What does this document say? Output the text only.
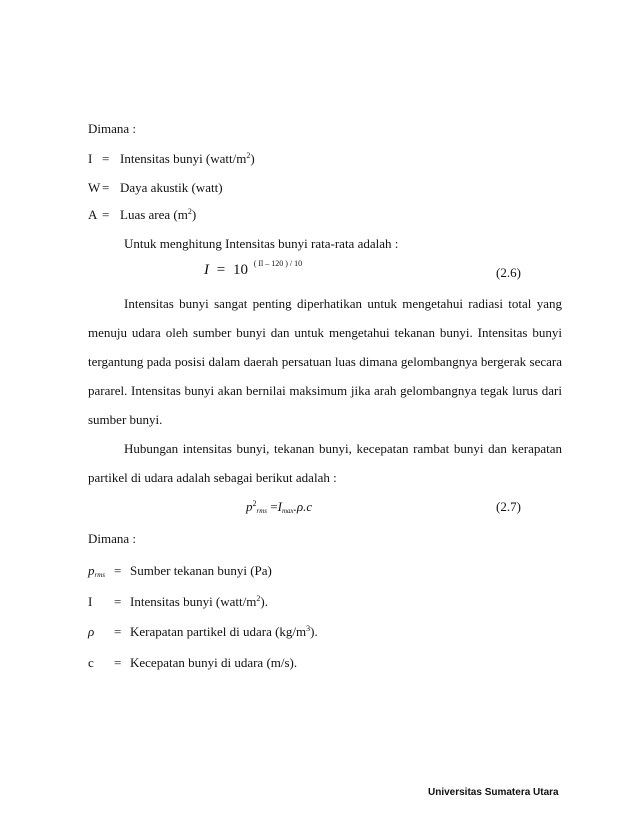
Dimana :
I = Intensitas bunyi $(watt/m^2)$
W = Daya akustik (watt)
A = Luas area $(m^2)$
Untuk menghitung Intensitas bunyi rata-rata adalah :
I = 10 $^{( Il - 120 ) / 10}$
(2.6)
Intensitas bunyi sangat penting diperhatikan untuk mengetahui radiasi total yang
menuju udara oleh sumber bunyi dan untuk mengetahui tekanan bunyi. Intensitas bunyi
tergantung pada posisi dalam daerah persatuan luas dimana gelombangnya bergerak secara
pararel. Intensitas bunyi akan bernilai maksimum jika arah gelombangnya tegak lurus dari
sumber bunyi.
Hubungan intensitas bunyi, tekanan bunyi, kecepatan rambat bunyi dan kerapatan
partikel di udara adalah sebagai berikut adalah :
$p^2_{rms} =I_{max}.\rho.c$	(2.7)
Dimana :
$p_{rms}$ = Sumber tekanan bunyi (Pa)
I = Intensitas bunyi $(watt/m^2)$.
ρ = Kerapatan partikel di udara $(kg/m^3)$.
c = Kecepatan bunyi di udara (m/s).
Universitas Sumatera Utara
